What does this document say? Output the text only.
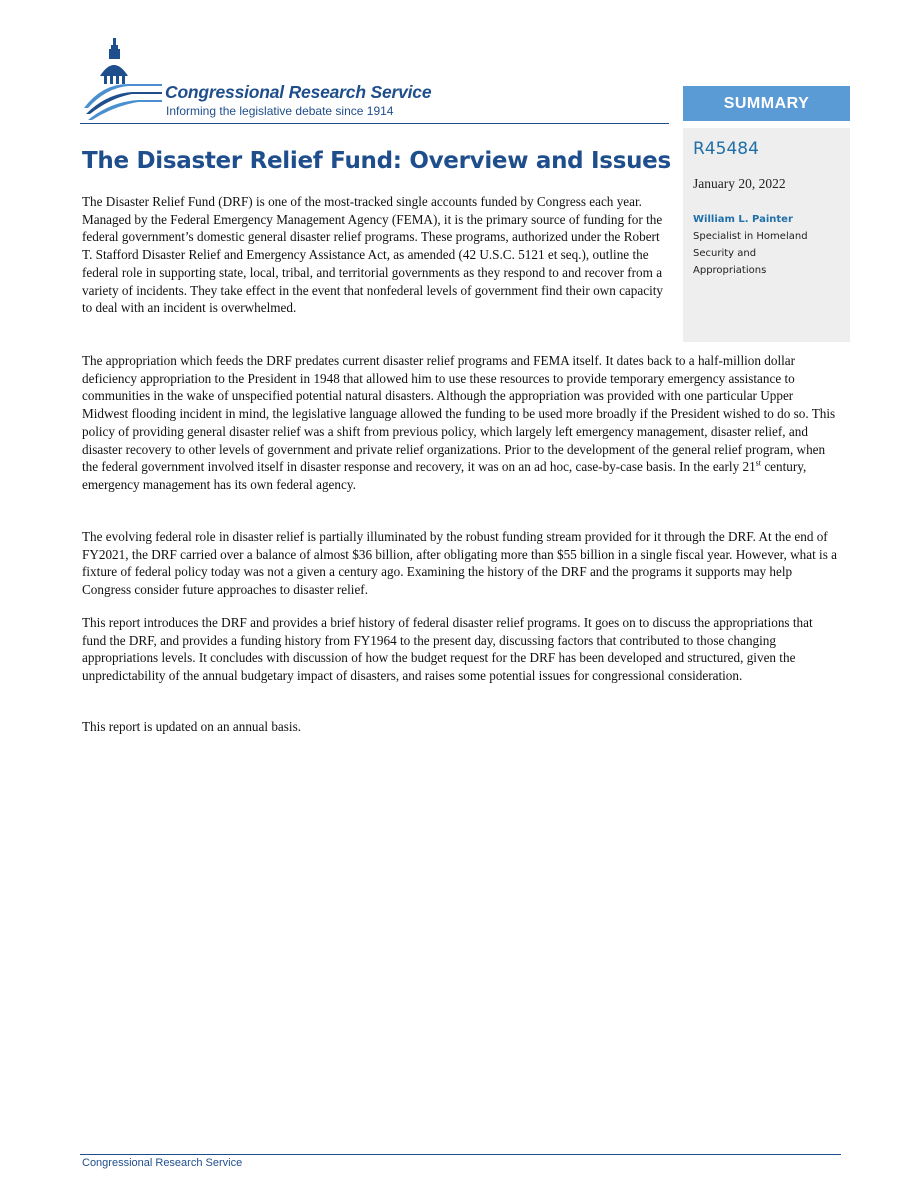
Congressional Research Service
Informing the legislative debate since 1914	SUMMARY
R45484
January 20, 2022
William L. Painter
Specialist in Homeland Security and Appropriations
The Disaster Relief Fund: Overview and Issues

The Disaster Relief Fund (DRF) is one of the most-tracked single accounts funded by Congress each year. Managed by the Federal Emergency Management Agency (FEMA), it is the primary source of funding for the federal government’s domestic general disaster relief programs. These programs, authorized under the Robert T. Stafford Disaster Relief and Emergency Assistance Act, as amended (42 U.S.C. 5121 et seq.), outline the federal role in supporting state, local, tribal, and territorial governments as they respond to and recover from a variety of incidents. They take effect in the event that nonfederal levels of government find their own capacity to deal with an incident is overwhelmed.

The appropriation which feeds the DRF predates current disaster relief programs and FEMA itself. It dates back to a half-million dollar deficiency appropriation to the President in 1948 that allowed him to use these resources to provide temporary emergency assistance to communities in the wake of unspecified potential natural disasters. Although the appropriation was provided with one particular Upper Midwest flooding incident in mind, the legislative language allowed the funding to be used more broadly if the President wished to do so. This policy of providing general disaster relief was a shift from previous policy, which largely left emergency management, disaster relief, and disaster recovery to other levels of government and private relief organizations. Prior to the development of the general relief program, when the federal government involved itself in disaster response and recovery, it was on an ad hoc, case-by-case basis. In the early 21st century, emergency management has its own federal agency.

The evolving federal role in disaster relief is partially illuminated by the robust funding stream provided for it through the DRF. At the end of FY2021, the DRF carried over a balance of almost $36 billion, after obligating more than $55 billion in a single fiscal year. However, what is a fixture of federal policy today was not a given a century ago. Examining the history of the DRF and the programs it supports may help Congress consider future approaches to disaster relief.

This report introduces the DRF and provides a brief history of federal disaster relief programs. It goes on to discuss the appropriations that fund the DRF, and provides a funding history from FY1964 to the present day, discussing factors that contributed to those changing appropriations levels. It concludes with discussion of how the budget request for the DRF has been developed and structured, given the unpredictability of the annual budgetary impact of disasters, and raises some potential issues for congressional consideration.

This report is updated on an annual basis.

Congressional Research Service
